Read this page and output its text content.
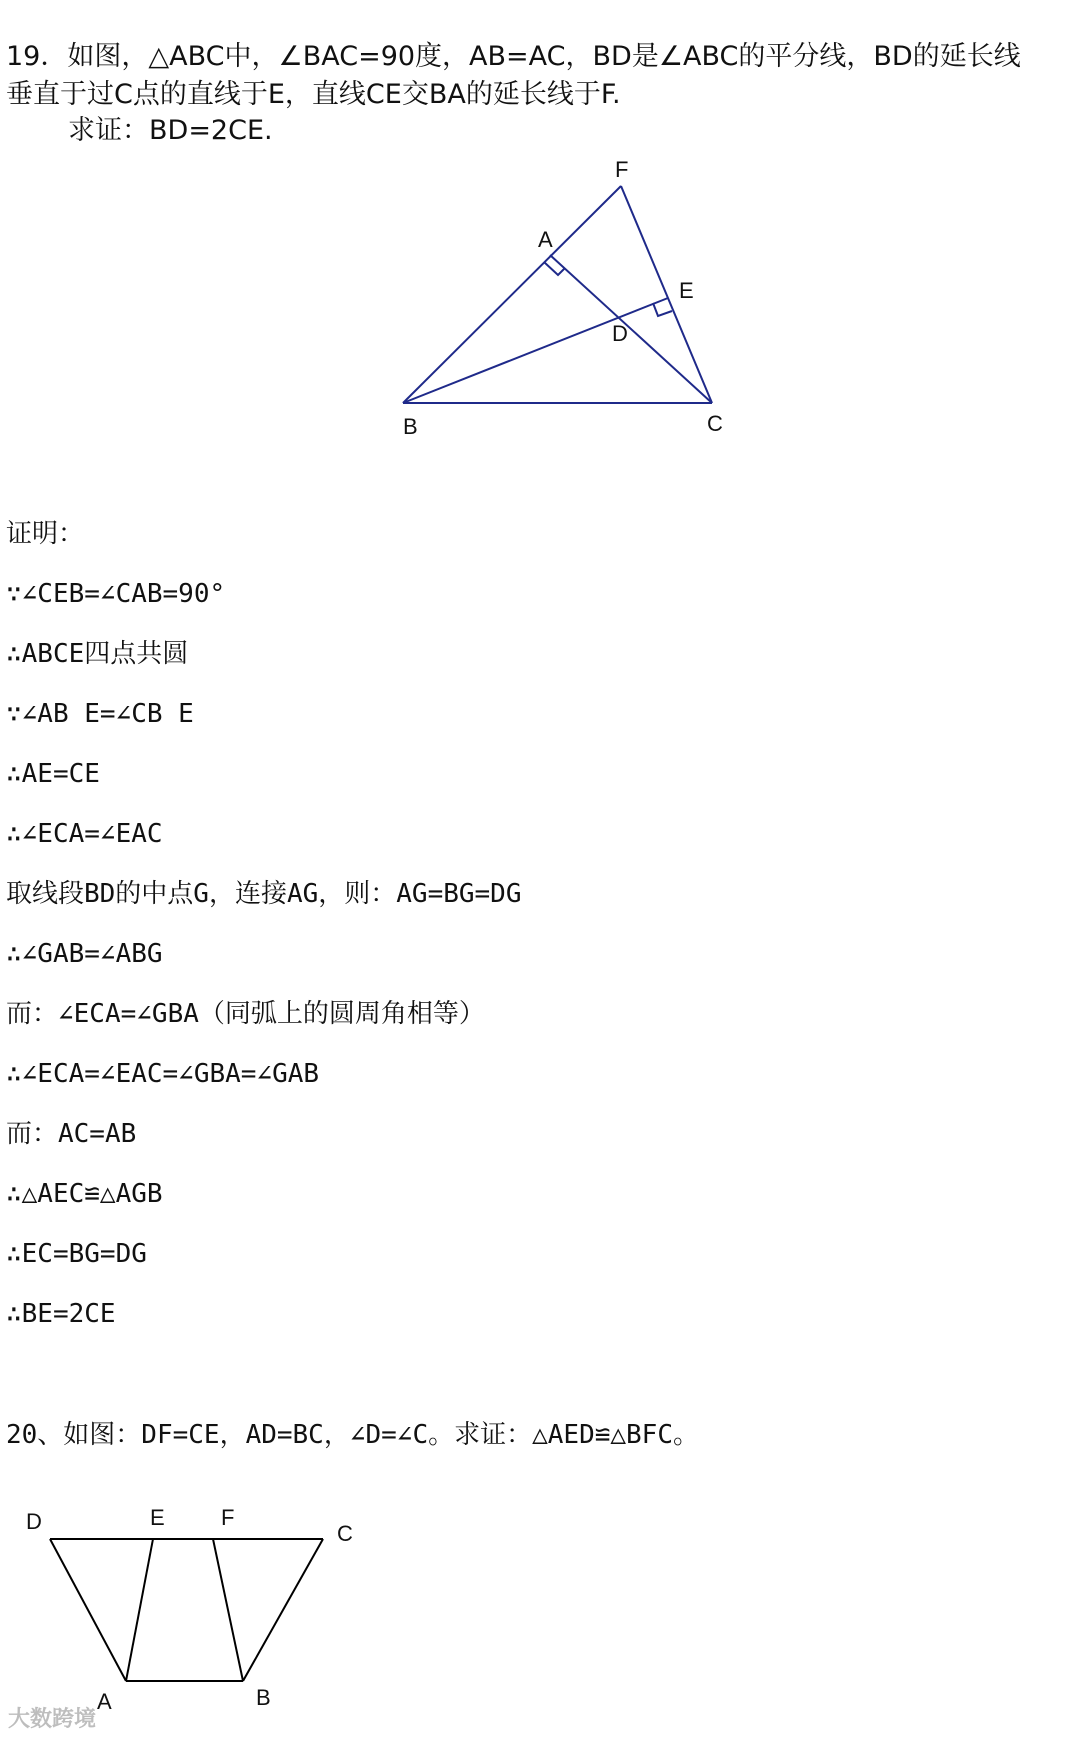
19．如图，△ABC中，∠BAC=90度，AB=AC，BD是∠ABC的平分线，BD的延长线
垂直于过C点的直线于E，直线CE交BA的延长线于F.
求证：BD=2CE.
F
A
E
D
B	C
证明：
∵∠CEB=∠CAB=90°
∴ABCE四点共圆
∵∠AB E=∠CB E
∴AE=CE
∴∠ECA=∠EAC
取线段BD的中点G，连接AG，则：AG=BG=DG
∴∠GAB=∠ABG
而：∠ECA=∠GBA（同弧上的圆周角相等）
∴∠ECA=∠EAC=∠GBA=∠GAB
而：AC=AB
∴△AEC≌△AGB
∴EC=BG=DG
∴BE=2CE
20、如图：DF=CE，AD=BC，∠D=∠C。求证：△AED≌△BFC。
D	E	F
C
A	B
大数跨境
